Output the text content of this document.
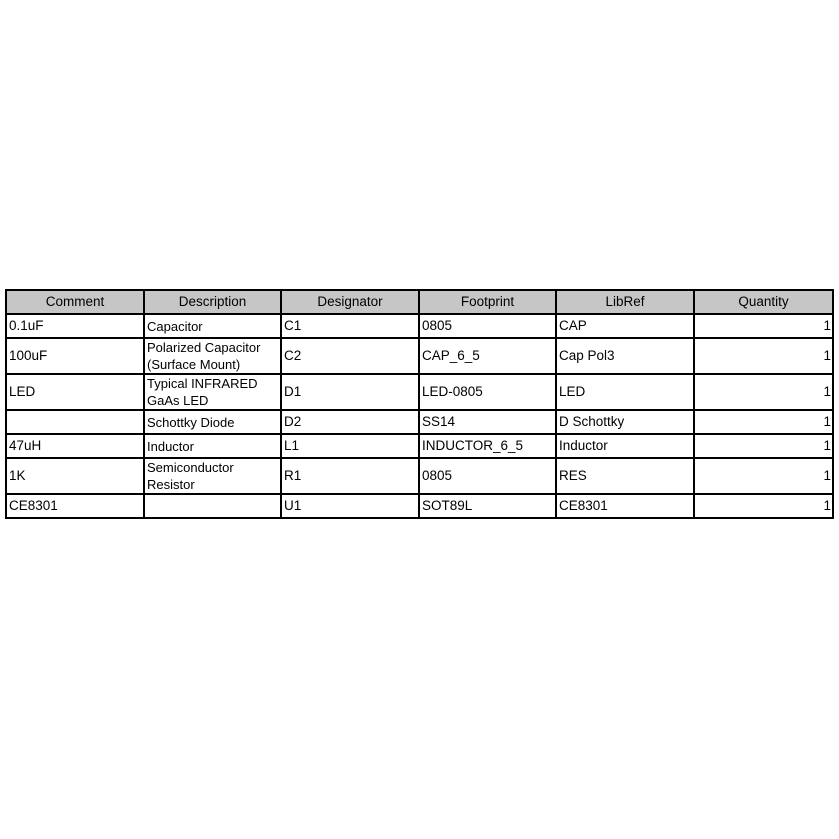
Comment	Description	Designator	Footprint	LibRef	Quantity
0.1uF	Capacitor	C1	0805	CAP	1
100uF	Polarized Capacitor (Surface Mount)	C2	CAP_6_5	Cap Pol3	1
LED	Typical INFRARED GaAs LED	D1	LED-0805	LED	1
	Schottky Diode	D2	SS14	D Schottky	1
47uH	Inductor	L1	INDUCTOR_6_5	Inductor	1
1K	Semiconductor Resistor	R1	0805	RES	1
CE8301		U1	SOT89L	CE8301	1
